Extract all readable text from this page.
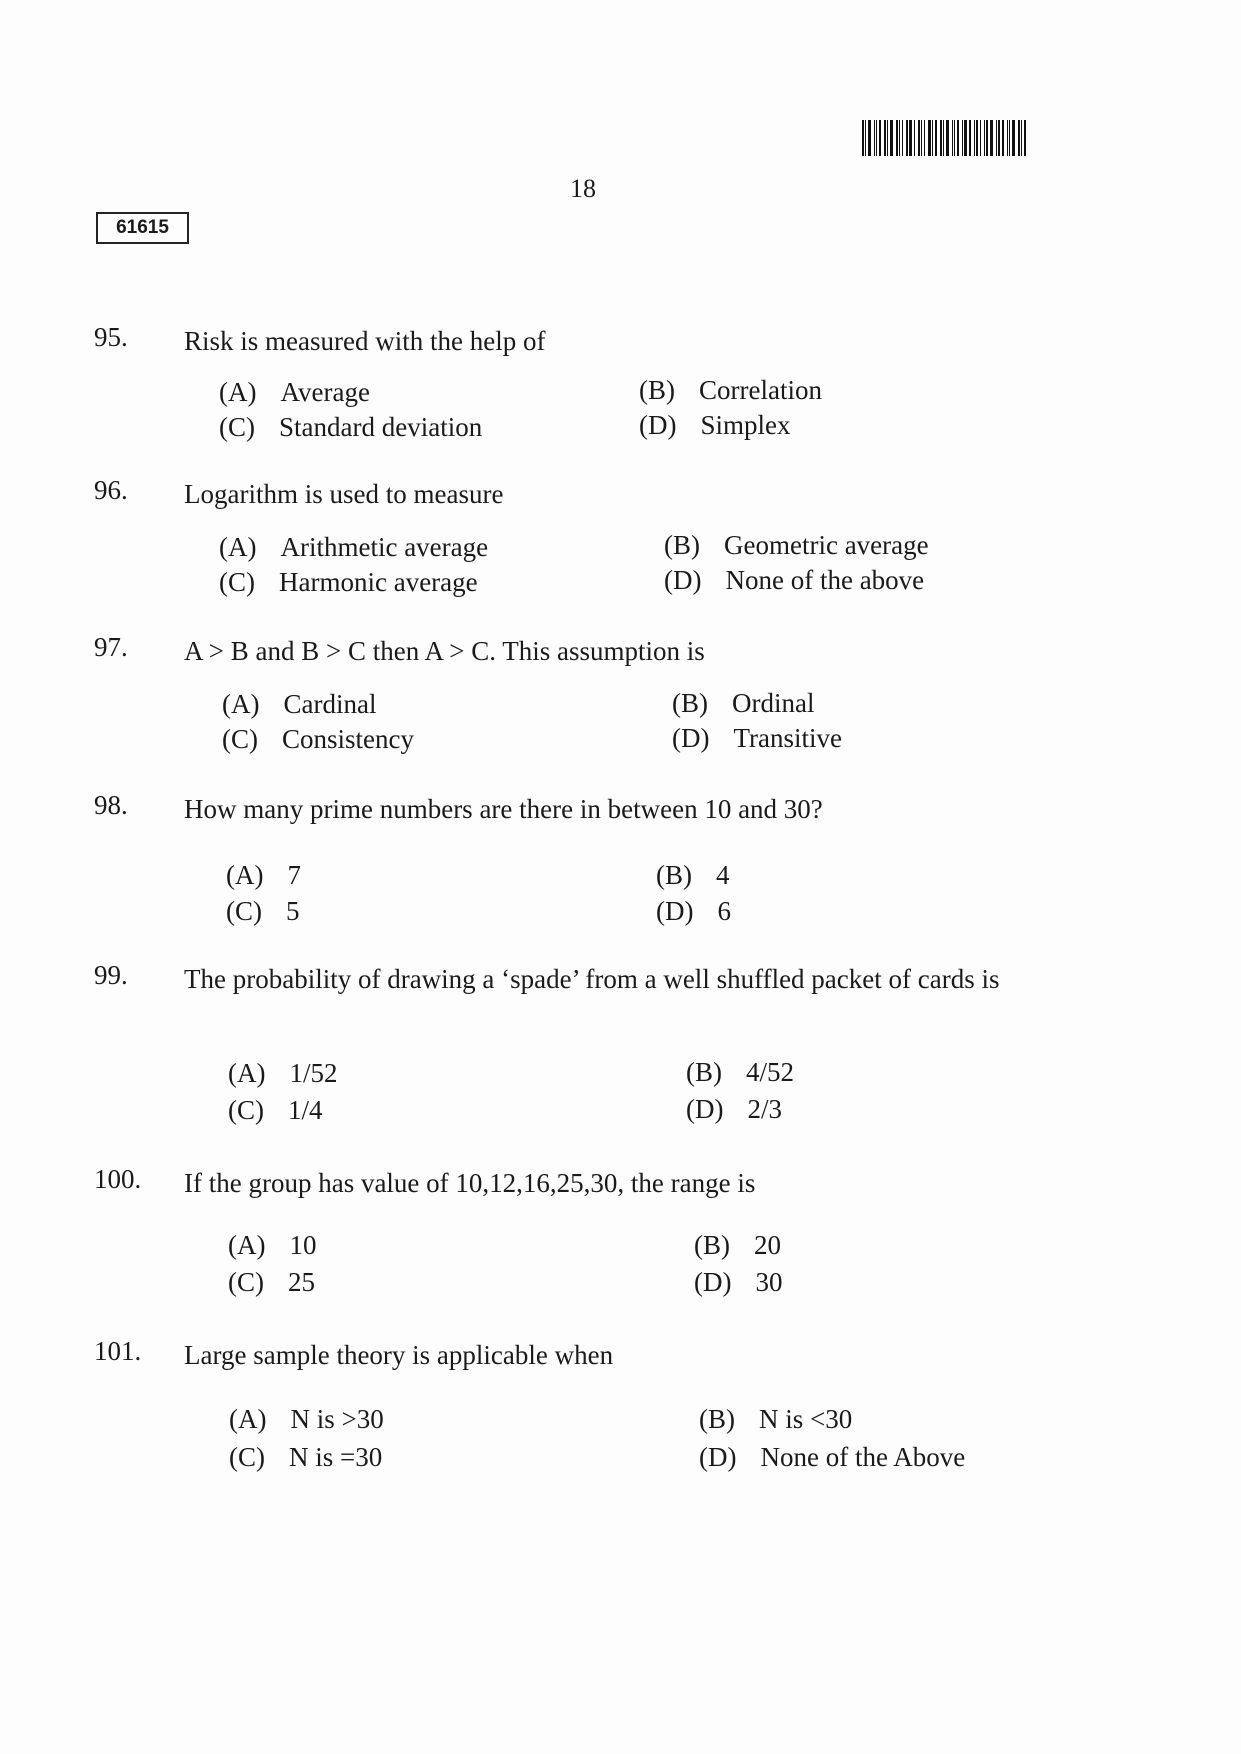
18
61615
95. Risk is measured with the help of
(A) Average	(B) Correlation
(C) Standard deviation	(D) Simplex
96. Logarithm is used to measure
(A) Arithmetic average	(B) Geometric average
(C) Harmonic average	(D) None of the above
97. A > B and B > C then A > C. This assumption is
(A) Cardinal	(B) Ordinal
(C) Consistency	(D) Transitive
98. How many prime numbers are there in between 10 and 30?
(A) 7	(B) 4
(C) 5	(D) 6
99. The probability of drawing a ‘spade’ from a well shuffled packet of cards is
(A) 1/52	(B) 4/52
(C) 1/4	(D) 2/3
100. If the group has value of 10,12,16,25,30, the range is
(A) 10	(B) 20
(C) 25	(D) 30
101. Large sample theory is applicable when
(A) N is >30	(B) N is <30
(C) N is =30	(D) None of the Above
